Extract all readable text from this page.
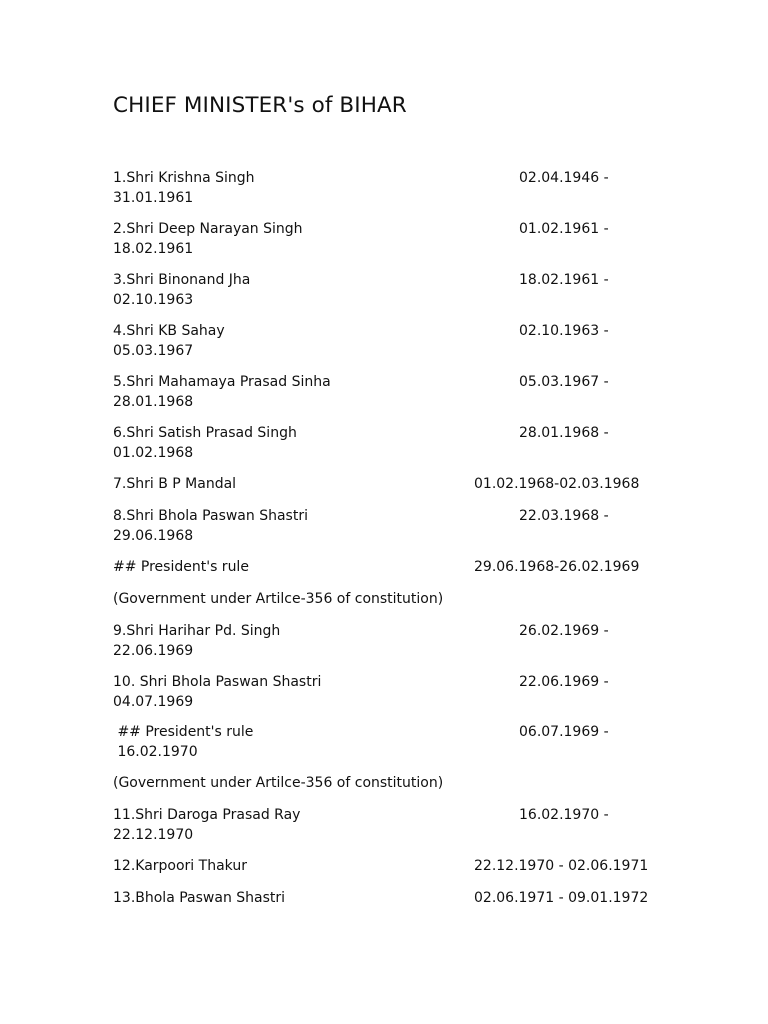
CHIEF MINISTER's of BIHAR
1.Shri Krishna Singh	02.04.1946 -
31.01.1961
2.Shri Deep Narayan Singh	01.02.1961 -
18.02.1961
3.Shri Binonand Jha	18.02.1961 -
02.10.1963
4.Shri KB Sahay	02.10.1963 -
05.03.1967
5.Shri Mahamaya Prasad Sinha	05.03.1967 -
28.01.1968
6.Shri Satish Prasad Singh	28.01.1968 -
01.02.1968
7.Shri B P Mandal	01.02.1968-02.03.1968
8.Shri Bhola Paswan Shastri	22.03.1968 -
29.06.1968
## President's rule	29.06.1968-26.02.1969
(Government under Artilce-356 of constitution)
9.Shri Harihar Pd. Singh	26.02.1969 -
22.06.1969
10. Shri Bhola Paswan Shastri	22.06.1969 -
04.07.1969
## President's rule	06.07.1969 -
16.02.1970
(Government under Artilce-356 of constitution)
11.Shri Daroga Prasad Ray	16.02.1970 -
22.12.1970
12.Karpoori Thakur	22.12.1970 - 02.06.1971
13.Bhola Paswan Shastri	02.06.1971 - 09.01.1972
